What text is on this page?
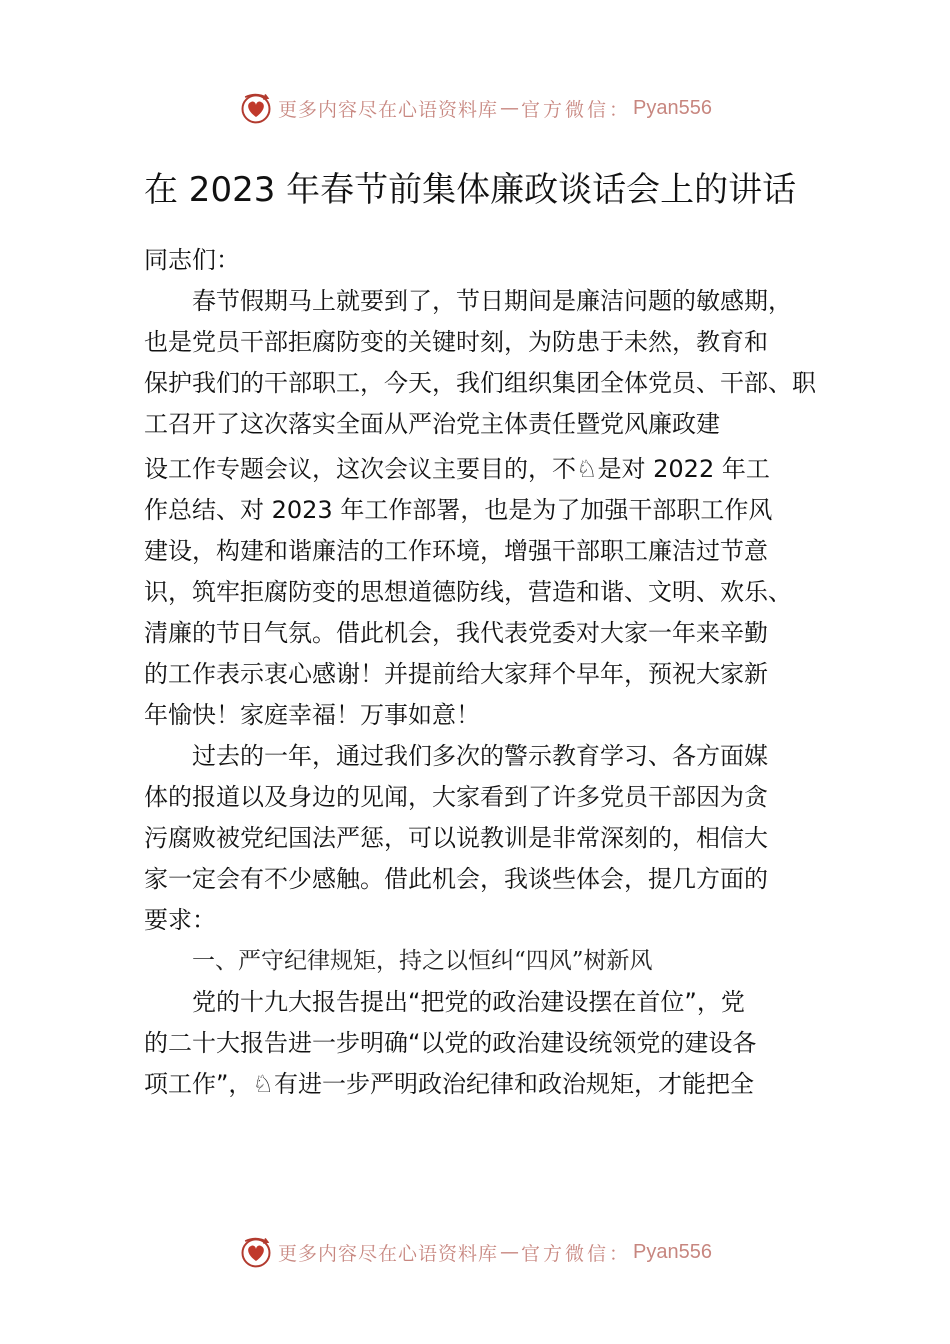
更多内容尽在心语资料库 — 官方微信： Pyan556
在 2023 年春节前集体廉政谈话会上的讲话
同志们：
春节假期马上就要到了，节日期间是廉洁问题的敏感期，
也是党员干部拒腐防变的关键时刻，为防患于未然，教育和
保护我们的干部职工，今天，我们组织集团全体党员、干部、职
工召开了这次落实全面从严治党主体责任暨党风廉政建
设工作专题会议，这次会议主要目的，不♘是对 2022 年工
作总结、对 2023 年工作部署，也是为了加强干部职工作风
建设，构建和谐廉洁的工作环境，增强干部职工廉洁过节意
识，筑牢拒腐防变的思想道德防线，营造和谐、文明、欢乐、
清廉的节日气氛。借此机会，我代表党委对大家一年来辛勤
的工作表示衷心感谢！并提前给大家拜个早年，预祝大家新
年愉快！家庭幸福！万事如意！
过去的一年，通过我们多次的警示教育学习、各方面媒
体的报道以及身边的见闻，大家看到了许多党员干部因为贪
污腐败被党纪国法严惩，可以说教训是非常深刻的，相信大
家一定会有不少感触。借此机会，我谈些体会，提几方面的
要求：
一、严守纪律规矩，持之以恒纠“四风”树新风
党的十九大报告提出“把党的政治建设摆在首位”，党
的二十大报告进一步明确“以党的政治建设统领党的建设各
项工作”，♘有进一步严明政治纪律和政治规矩，才能把全
更多内容尽在心语资料库 — 官方微信： Pyan556
